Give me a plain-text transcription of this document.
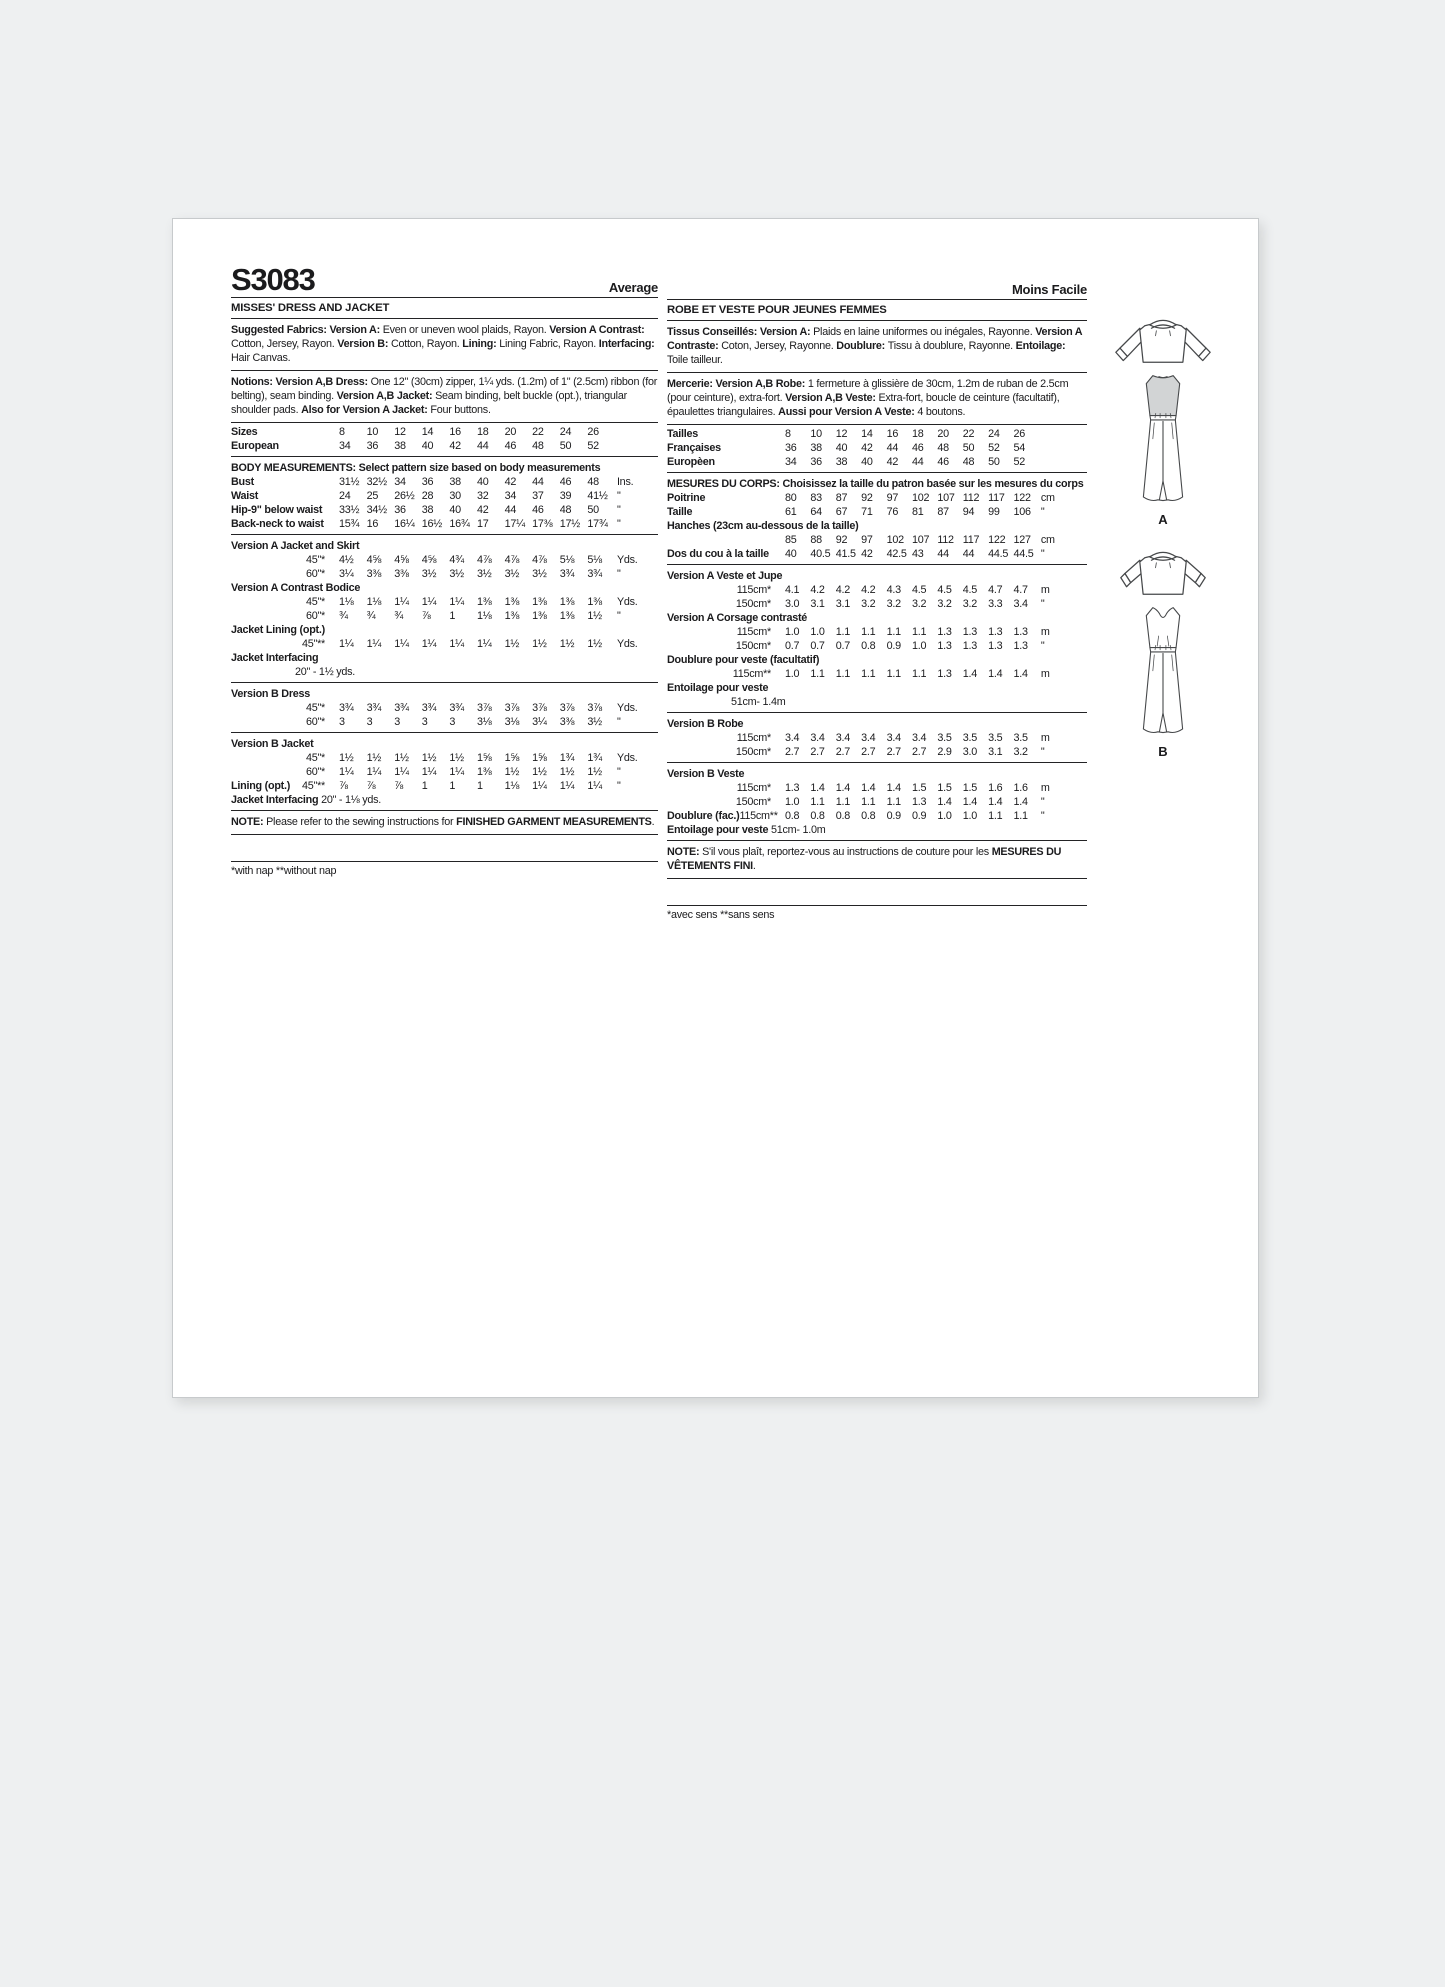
S3083	Average
MISSES' DRESS AND JACKET
Suggested Fabrics: Version A: Even or uneven wool plaids, Rayon. Version A Contrast: Cotton, Jersey, Rayon. Version B: Cotton, Rayon. Lining: Lining Fabric, Rayon. Interfacing: Hair Canvas.
Notions: Version A,B Dress: One 12" (30cm) zipper, 1¼ yds. (1.2m) of 1" (2.5cm) ribbon (for belting), seam binding. Version A,B Jacket: Seam binding, belt buckle (opt.), triangular shoulder pads. Also for Version A Jacket: Four buttons.
Sizes	8	10	12	14	16	18	20	22	24	26
European	34	36	38	40	42	44	46	48	50	52
BODY MEASUREMENTS: Select pattern size based on body measurements
Bust	31½ 32½ 34	36	38	40	42	44	46	48	Ins.
Waist	24	25	26½ 28	30	32	34	37	39	41½ "
Hip-9" below waist 33½ 34½ 36	38	40	42	44	46	48	50	"
Back-neck to waist 15¾ 16	16¼ 16½ 16¾ 17	17¼ 17⅜ 17½ 17¾ "
Version A Jacket and Skirt
45"* 4½	4⅝	4⅝	4⅝	4¾	4⅞	4⅞	4⅞	5⅛	5⅛	Yds.
60"* 3¼	3⅜	3⅜	3½	3½	3½	3½	3½	3¾	3¾	"
Version A Contrast Bodice
45"* 1⅛	1⅛	1¼	1¼	1¼	1⅜	1⅜	1⅜	1⅜	1⅜	Yds.
60"* ¾	¾	¾	⅞	1	1⅛	1⅜	1⅜	1⅜	1½	"
Jacket Lining (opt.)
45"** 1¼	1¼	1¼	1¼	1¼	1¼	1½	1½	1½	1½	Yds.
Jacket Interfacing
20" - 1½ yds.
Version B Dress
45"* 3¾	3¾	3¾	3¾	3¾	3⅞	3⅞	3⅞	3⅞	3⅞	Yds.
60"* 3	3	3	3	3	3⅛	3⅛	3¼	3⅜	3½	"
Version B Jacket
45"* 1½	1½	1½	1½	1½	1⅝	1⅝	1⅝	1¾	1¾	Yds.
60"* 1¼	1¼	1¼	1¼	1¼	1⅜	1½	1½	1½	1½	"
Lining (opt.) 45"** ⅞	⅞	⅞	1	1	1	1⅛	1¼	1¼	1¼	"
Jacket Interfacing 20" - 1⅛ yds.
NOTE: Please refer to the sewing instructions for FINISHED GARMENT MEASUREMENTS.
*with nap **without nap
Moins Facile
ROBE ET VESTE POUR JEUNES FEMMES
Tissus Conseillés: Version A: Plaids en laine uniformes ou inégales, Rayonne. Version A Contraste: Coton, Jersey, Rayonne. Doublure: Tissu à doublure, Rayonne. Entoilage: Toile tailleur.
Mercerie: Version A,B Robe: 1 fermeture à glissière de 30cm, 1.2m de ruban de 2.5cm (pour ceinture), extra-fort. Version A,B Veste: Extra-fort, boucle de ceinture (facultatif), épaulettes triangulaires. Aussi pour Version A Veste: 4 boutons.
Tailles	8	10	12	14	16	18	20	22	24	26
Françaises	36	38	40	42	44	46	48	50	52	54
Europèen	34	36	38	40	42	44	46	48	50	52
MESURES DU CORPS: Choisissez la taille du patron basée sur les mesures du corps
Poitrine	80	83	87	92	97	102 107 112 117 122 cm
Taille	61	64	67	71	76	81	87	94	99	106 "
Hanches (23cm au-dessous de la taille)
85	88	92	97	102 107 112 117 122 127 cm
Dos du cou à la taille 40	40.5 41.5 42	42.5 43	44	44	44.5 44.5 "
Version A Veste et Jupe
115cm* 4.1	4.2	4.2	4.2	4.3	4.5	4.5	4.5	4.7	4.7	m
150cm* 3.0	3.1	3.1	3.2	3.2	3.2	3.2	3.2	3.3	3.4	"
Version A Corsage contrasté
115cm* 1.0	1.0	1.1	1.1	1.1	1.1	1.3	1.3	1.3	1.3	m
150cm* 0.7	0.7	0.7	0.8	0.9	1.0	1.3	1.3	1.3	1.3	"
Doublure pour veste (facultatif)
115cm** 1.0	1.1	1.1	1.1	1.1	1.1	1.3	1.4	1.4	1.4	m
Entoilage pour veste
51cm- 1.4m
Version B Robe
115cm* 3.4	3.4	3.4	3.4	3.4	3.4	3.5	3.5	3.5	3.5	m
150cm* 2.7	2.7	2.7	2.7	2.7	2.7	2.9	3.0	3.1	3.2	"
Version B Veste
115cm* 1.3	1.4	1.4	1.4	1.4	1.5	1.5	1.5	1.6	1.6	m
150cm* 1.0	1.1	1.1	1.1	1.1	1.3	1.4	1.4	1.4	1.4	"
Doublure (fac.) 115cm** 0.8	0.8	0.8	0.8	0.9	0.9	1.0	1.0	1.1	1.1	"
Entoilage pour veste 51cm- 1.0m
NOTE: S'il vous plaît, reportez-vous au instructions de couture pour les MESURES DU VÊTEMENTS FINI.
*avec sens **sans sens
A
B
